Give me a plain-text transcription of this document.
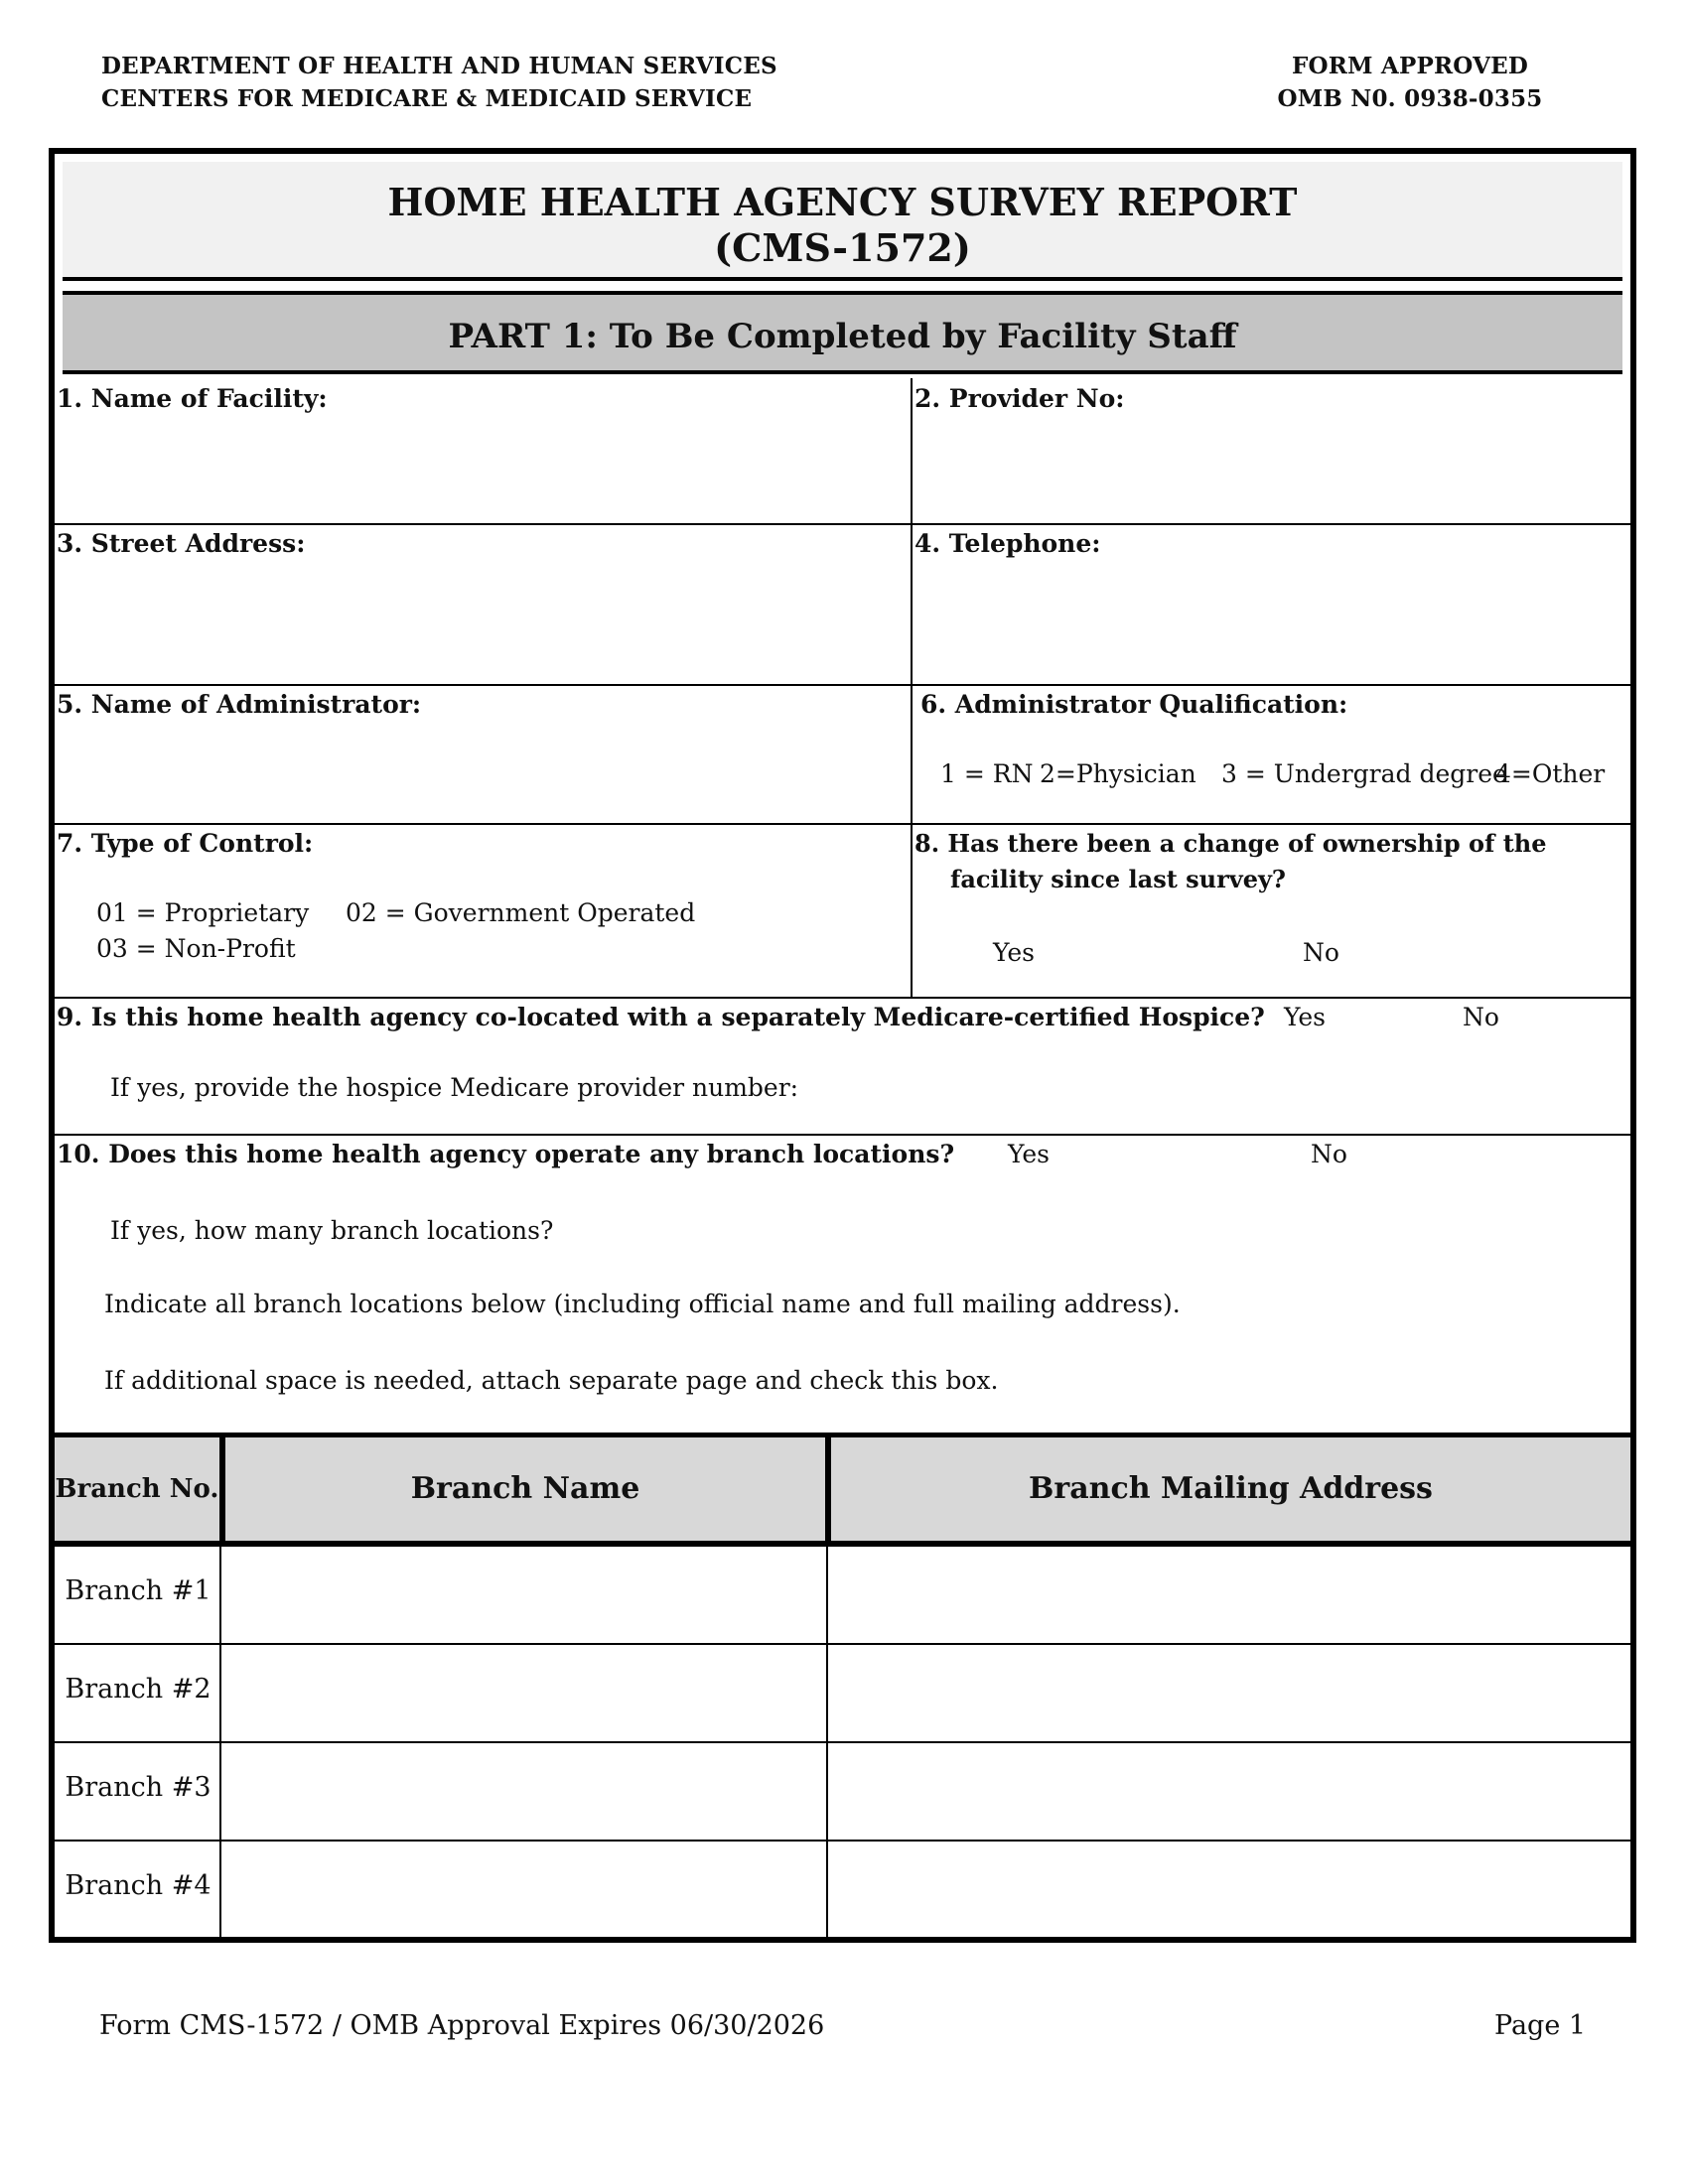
DEPARTMENT OF HEALTH AND HUMAN SERVICES
CENTERS FOR MEDICARE & MEDICAID SERVICE
FORM APPROVED
OMB N0. 0938-0355
HOME HEALTH AGENCY SURVEY REPORT
(CMS-1572)
PART 1: To Be Completed by Facility Staff
1. Name of Facility:	2. Provider No:
3. Street Address:	4. Telephone:
5. Name of Administrator:	6. Administrator Qualification:
1 = RN 2=Physician 3 = Undergrad degree
4=Other
7. Type of Control:
01 = Proprietary 02 = Government Operated
03 = Non-Profit
8. Has there been a change of ownership of the
facility since last survey?
Yes	No
9. Is this home health agency co-located with a separately Medicare-certified Hospice? Yes	No
If yes, provide the hospice Medicare provider number:
10. Does this home health agency operate any branch locations? Yes	No
If yes, how many branch locations?
Indicate all branch locations below (including official name and full mailing address).
If additional space is needed, attach separate page and check this box.
Branch No.	Branch Name	Branch Mailing Address
Branch #1
Branch #2
Branch #3
Branch #4
Form CMS-1572 / OMB Approval Expires 06/30/2026	Page 1
